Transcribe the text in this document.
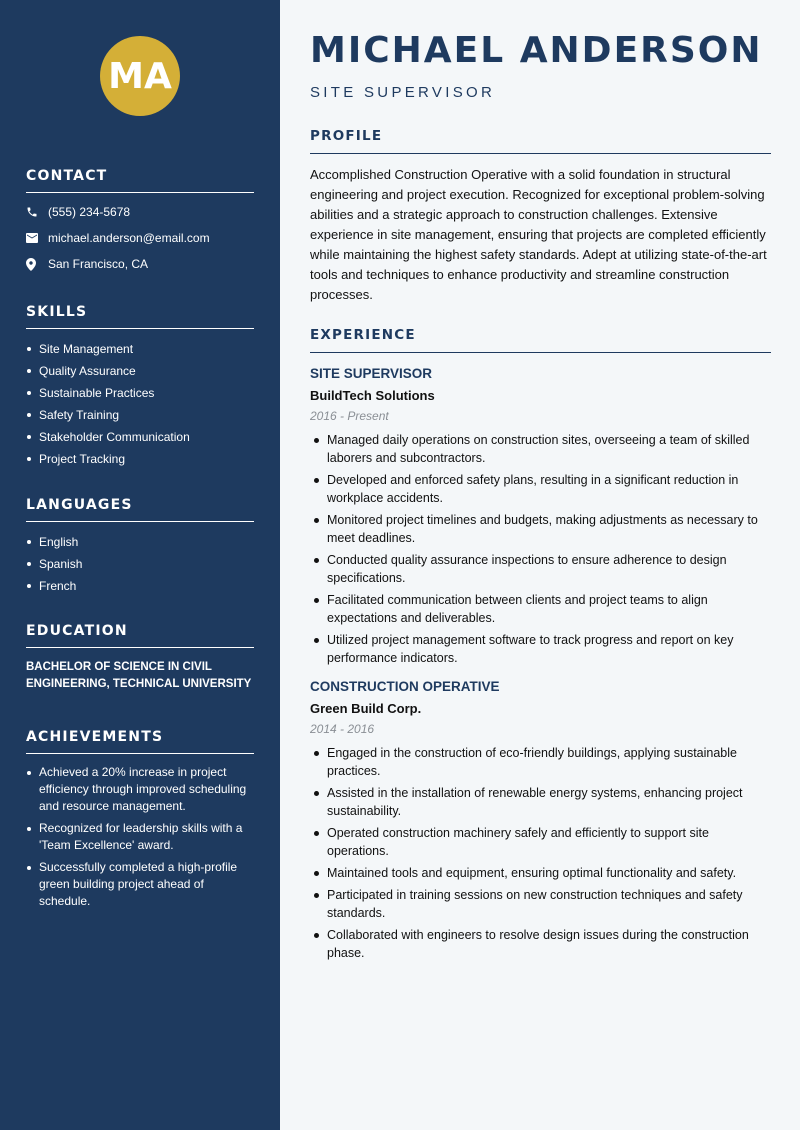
MA
CONTACT
(555) 234-5678
michael.anderson@email.com
San Francisco, CA
SKILLS
Site Management
Quality Assurance
Sustainable Practices
Safety Training
Stakeholder Communication
Project Tracking
LANGUAGES
English
Spanish
French
EDUCATION
BACHELOR OF SCIENCE IN CIVIL ENGINEERING, TECHNICAL UNIVERSITY
ACHIEVEMENTS
Achieved a 20% increase in project efficiency through improved scheduling and resource management.
Recognized for leadership skills with a 'Team Excellence' award.
Successfully completed a high-profile green building project ahead of schedule.
MICHAEL ANDERSON
SITE SUPERVISOR
PROFILE
Accomplished Construction Operative with a solid foundation in structural engineering and project execution. Recognized for exceptional problem-solving abilities and a strategic approach to construction challenges. Extensive experience in site management, ensuring that projects are completed efficiently while maintaining the highest safety standards. Adept at utilizing state-of-the-art tools and techniques to enhance productivity and streamline construction processes.
EXPERIENCE
SITE SUPERVISOR
BuildTech Solutions
2016 - Present
Managed daily operations on construction sites, overseeing a team of skilled laborers and subcontractors.
Developed and enforced safety plans, resulting in a significant reduction in workplace accidents.
Monitored project timelines and budgets, making adjustments as necessary to meet deadlines.
Conducted quality assurance inspections to ensure adherence to design specifications.
Facilitated communication between clients and project teams to align expectations and deliverables.
Utilized project management software to track progress and report on key performance indicators.
CONSTRUCTION OPERATIVE
Green Build Corp.
2014 - 2016
Engaged in the construction of eco-friendly buildings, applying sustainable practices.
Assisted in the installation of renewable energy systems, enhancing project sustainability.
Operated construction machinery safely and efficiently to support site operations.
Maintained tools and equipment, ensuring optimal functionality and safety.
Participated in training sessions on new construction techniques and safety standards.
Collaborated with engineers to resolve design issues during the construction phase.
